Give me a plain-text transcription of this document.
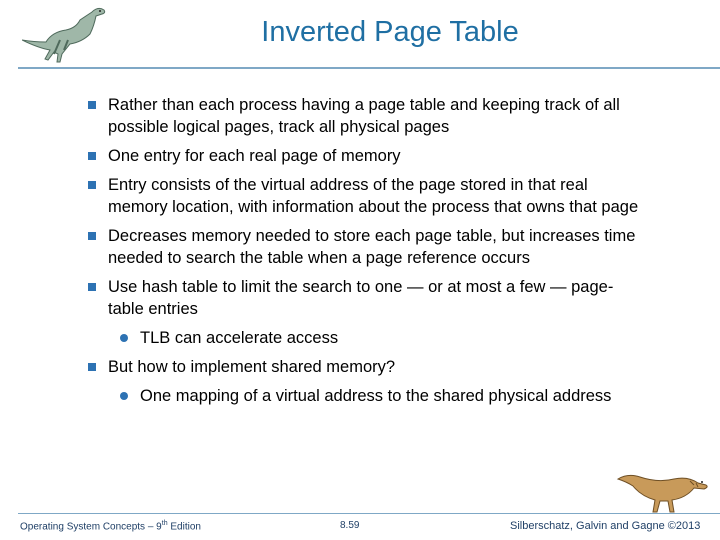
Inverted Page Table
Rather than each process having a page table and keeping track of all possible logical pages, track all physical pages
One entry for each real page of memory
Entry consists of the virtual address of the page stored in that real memory location, with information about the process that owns that page
Decreases memory needed to store each page table, but increases time needed to search the table when a page reference occurs
Use hash table to limit the search to one — or at most a few — page-table entries
TLB can accelerate access
But how to implement shared memory?
One mapping of a virtual address to the shared physical address
Operating System Concepts – 9th Edition	8.59	Silberschatz, Galvin and Gagne ©2013
